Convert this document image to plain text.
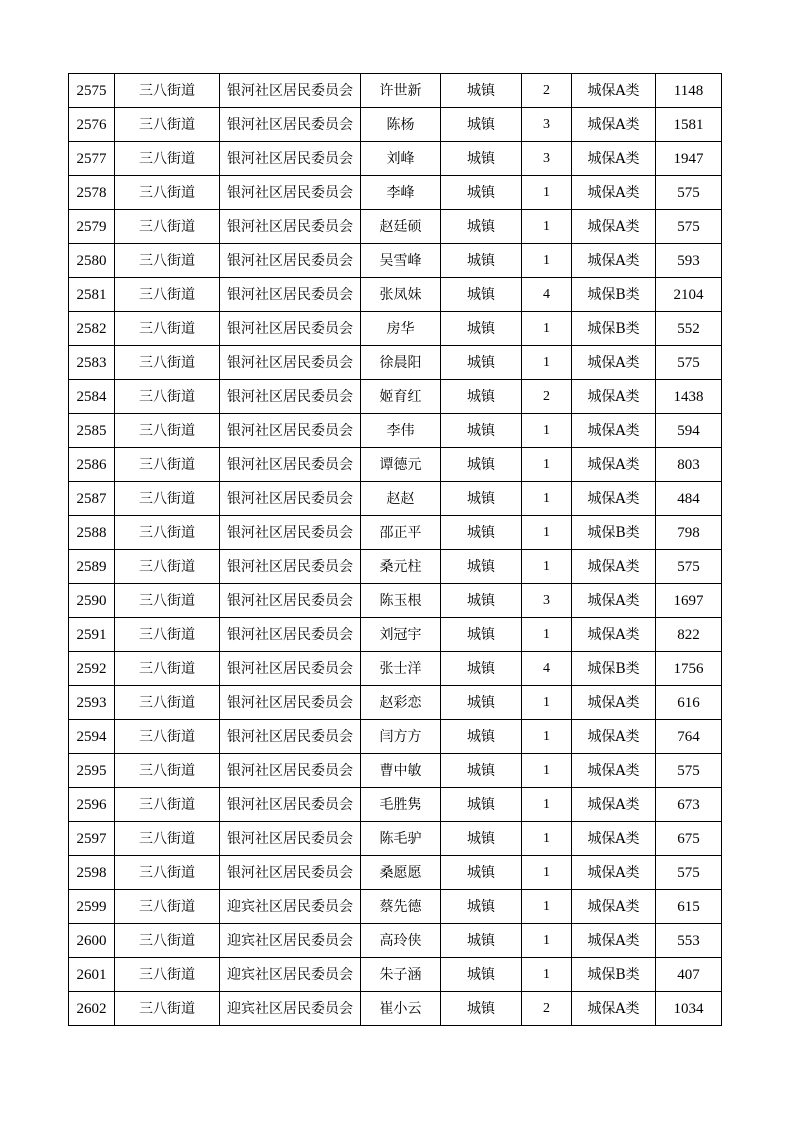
2575	三八街道	银河社区居民委员会	许世新	城镇	2	城保A类	1148
2576	三八街道	银河社区居民委员会	陈杨	城镇	3	城保A类	1581
2577	三八街道	银河社区居民委员会	刘峰	城镇	3	城保A类	1947
2578	三八街道	银河社区居民委员会	李峰	城镇	1	城保A类	575
2579	三八街道	银河社区居民委员会	赵廷硕	城镇	1	城保A类	575
2580	三八街道	银河社区居民委员会	吴雪峰	城镇	1	城保A类	593
2581	三八街道	银河社区居民委员会	张凤妹	城镇	4	城保B类	2104
2582	三八街道	银河社区居民委员会	房华	城镇	1	城保B类	552
2583	三八街道	银河社区居民委员会	徐晨阳	城镇	1	城保A类	575
2584	三八街道	银河社区居民委员会	姬育红	城镇	2	城保A类	1438
2585	三八街道	银河社区居民委员会	李伟	城镇	1	城保A类	594
2586	三八街道	银河社区居民委员会	谭德元	城镇	1	城保A类	803
2587	三八街道	银河社区居民委员会	赵赵	城镇	1	城保A类	484
2588	三八街道	银河社区居民委员会	邵正平	城镇	1	城保B类	798
2589	三八街道	银河社区居民委员会	桑元柱	城镇	1	城保A类	575
2590	三八街道	银河社区居民委员会	陈玉根	城镇	3	城保A类	1697
2591	三八街道	银河社区居民委员会	刘冠宇	城镇	1	城保A类	822
2592	三八街道	银河社区居民委员会	张士洋	城镇	4	城保B类	1756
2593	三八街道	银河社区居民委员会	赵彩恋	城镇	1	城保A类	616
2594	三八街道	银河社区居民委员会	闫方方	城镇	1	城保A类	764
2595	三八街道	银河社区居民委员会	曹中敏	城镇	1	城保A类	575
2596	三八街道	银河社区居民委员会	毛胜隽	城镇	1	城保A类	673
2597	三八街道	银河社区居民委员会	陈毛驴	城镇	1	城保A类	675
2598	三八街道	银河社区居民委员会	桑愿愿	城镇	1	城保A类	575
2599	三八街道	迎宾社区居民委员会	蔡先德	城镇	1	城保A类	615
2600	三八街道	迎宾社区居民委员会	高玲侠	城镇	1	城保A类	553
2601	三八街道	迎宾社区居民委员会	朱子涵	城镇	1	城保B类	407
2602	三八街道	迎宾社区居民委员会	崔小云	城镇	2	城保A类	1034
